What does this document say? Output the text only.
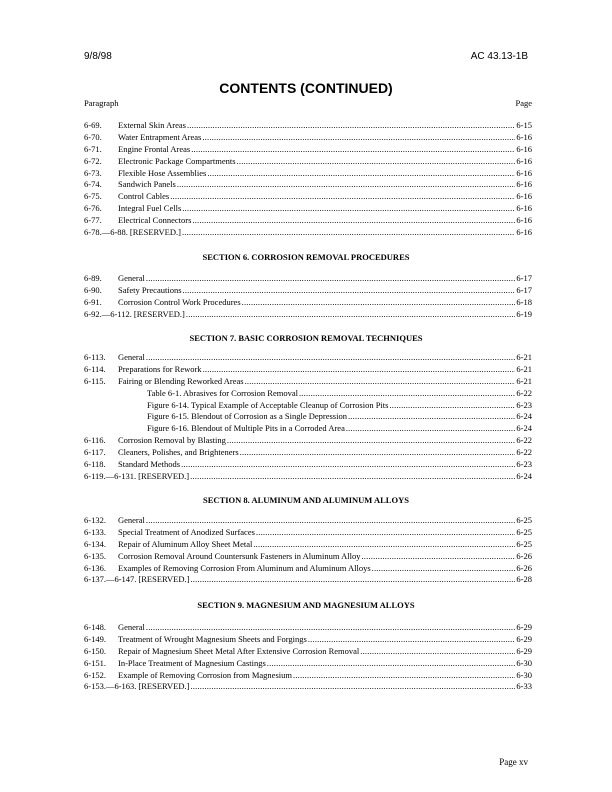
9/8/98	AC 43.13-1B
CONTENTS (CONTINUED)
Paragraph	Page
6-69.	External Skin Areas .....	6-15
6-70.	Water Entrapment Areas .....	6-16
6-71.	Engine Frontal Areas .....	6-16
6-72.	Electronic Package Compartments .....	6-16
6-73.	Flexible Hose Assemblies .....	6-16
6-74.	Sandwich Panels .....	6-16
6-75.	Control Cables .....	6-16
6-76.	Integral Fuel Cells .....	6-16
6-77.	Electrical Connectors .....	6-16
6-78.—6-88. [RESERVED.] .....	6-16
SECTION 6. CORROSION REMOVAL PROCEDURES
6-89.	General .....	6-17
6-90.	Safety Precautions .....	6-17
6-91.	Corrosion Control Work Procedures .....	6-18
6-92.—6-112. [RESERVED.] .....	6-19
SECTION 7. BASIC CORROSION REMOVAL TECHNIQUES
6-113.	General .....	6-21
6-114.	Preparations for Rework .....	6-21
6-115.	Fairing or Blending Reworked Areas .....	6-21
Table 6-1. Abrasives for Corrosion Removal .....	6-22
Figure 6-14. Typical Example of Acceptable Cleanup of Corrosion Pits .....	6-23
Figure 6-15. Blendout of Corrosion as a Single Depression .....	6-24
Figure 6-16. Blendout of Multiple Pits in a Corroded Area .....	6-24
6-116.	Corrosion Removal by Blasting .....	6-22
6-117.	Cleaners, Polishes, and Brighteners .....	6-22
6-118.	Standard Methods .....	6-23
6-119.—6-131. [RESERVED.] .....	6-24
SECTION 8. ALUMINUM AND ALUMINUM ALLOYS
6-132.	General .....	6-25
6-133.	Special Treatment of Anodized Surfaces .....	6-25
6-134.	Repair of Aluminum Alloy Sheet Metal .....	6-25
6-135.	Corrosion Removal Around Countersunk Fasteners in Aluminum Alloy .....	6-26
6-136.	Examples of Removing Corrosion From Aluminum and Aluminum Alloys .....	6-26
6-137.—6-147. [RESERVED.] .....	6-28
SECTION 9. MAGNESIUM AND MAGNESIUM ALLOYS
6-148.	General .....	6-29
6-149.	Treatment of Wrought Magnesium Sheets and Forgings .....	6-29
6-150.	Repair of Magnesium Sheet Metal After Extensive Corrosion Removal .....	6-29
6-151.	In-Place Treatment of Magnesium Castings .....	6-30
6-152.	Example of Removing Corrosion from Magnesium .....	6-30
6-153.—6-163. [RESERVED.] .....	6-33
Page xv
